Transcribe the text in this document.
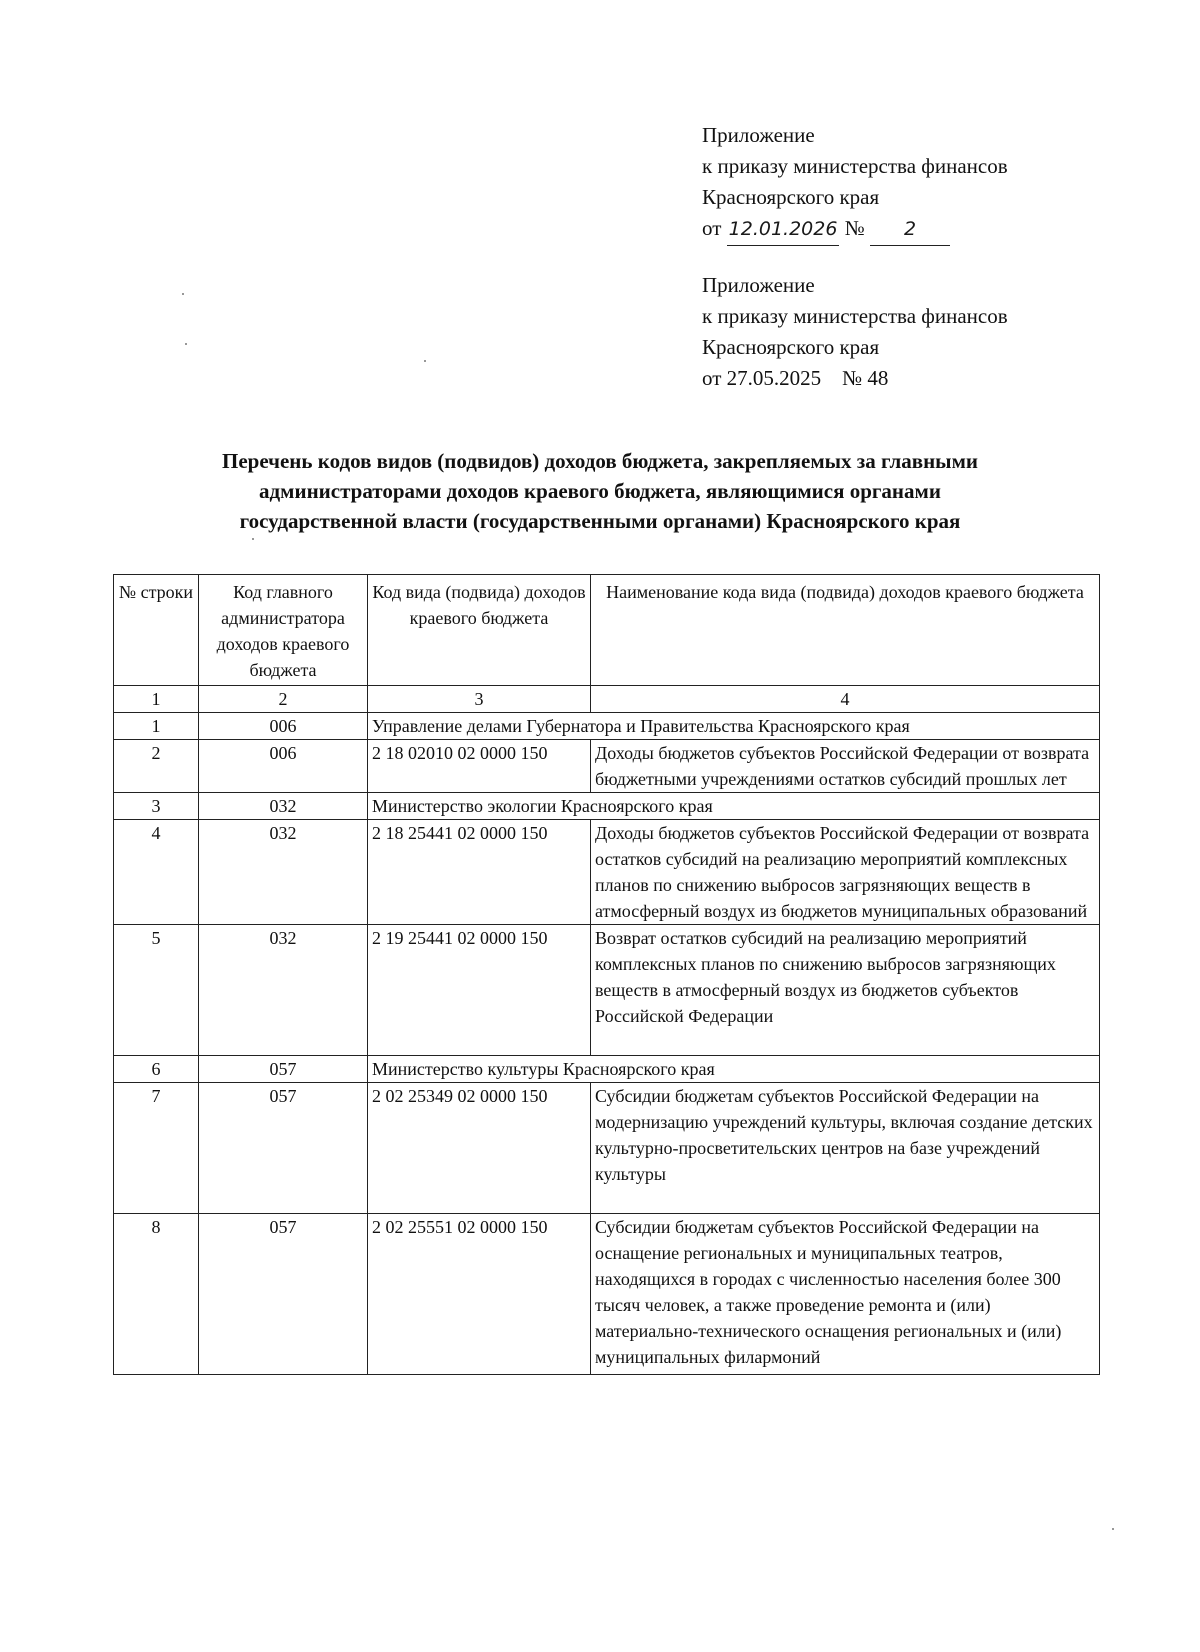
Приложение
к приказу министерства финансов
Красноярского края
от 12.01.2026 № 2
Приложение
к приказу министерства финансов
Красноярского края
от 27.05.2025    № 48
Перечень кодов видов (подвидов) доходов бюджета, закрепляемых за главными
администраторами доходов краевого бюджета, являющимися органами
государственной власти (государственными органами) Красноярского края
№ строки	Код главного администратора доходов краевого бюджета	Код вида (подвида) доходов краевого бюджета	Наименование кода вида (подвида) доходов краевого бюджета
1	2	3	4
1	006	Управление делами Губернатора и Правительства Красноярского края	
2	006	2 18 02010 02 0000 150	Доходы бюджетов субъектов Российской Федерации от возврата бюджетными учреждениями остатков субсидий прошлых лет
3	032	Министерство экологии Красноярского края	
4	032	2 18 25441 02 0000 150	Доходы бюджетов субъектов Российской Федерации от возврата остатков субсидий на реализацию мероприятий комплексных планов по снижению выбросов загрязняющих веществ в атмосферный воздух из бюджетов муниципальных образований
5	032	2 19 25441 02 0000 150	Возврат остатков субсидий на реализацию мероприятий комплексных планов по снижению выбросов загрязняющих веществ в атмосферный воздух из бюджетов субъектов Российской Федерации
6	057	Министерство культуры Красноярского края	
7	057	2 02 25349 02 0000 150	Субсидии бюджетам субъектов Российской Федерации на модернизацию учреждений культуры, включая создание детских культурно-просветительских центров на базе учреждений культуры
8	057	2 02 25551 02 0000 150	Субсидии бюджетам субъектов Российской Федерации на оснащение региональных и муниципальных театров, находящихся в городах с численностью населения более 300 тысяч человек, а также проведение ремонта и (или) материально-технического оснащения региональных и (или) муниципальных филармоний
